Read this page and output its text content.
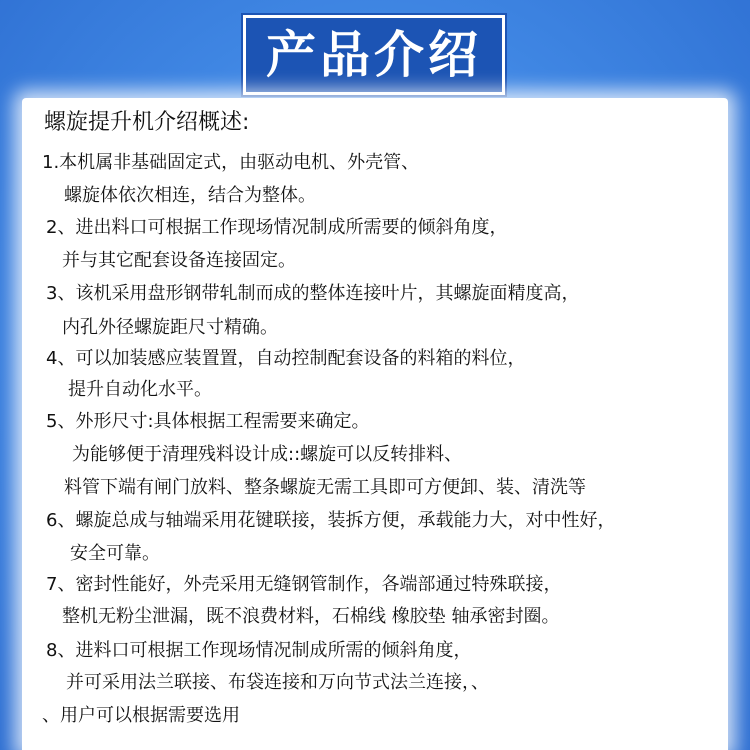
产品介绍
螺旋提升机介绍概述:
1.本机属非基础固定式，由驱动电机、外壳管、
螺旋体依次相连，结合为整体。
2、进出料口可根据工作现场情况制成所需要的倾斜角度，
并与其它配套设备连接固定。
3、该机采用盘形钢带轧制而成的整体连接叶片，其螺旋面精度高，
内孔外径螺旋距尺寸精确。
4、可以加装感应装置置，自动控制配套设备的料箱的料位，
提升自动化水平。
5、外形尺寸:具体根据工程需要来确定。
为能够便于清理残料设计成::螺旋可以反转排料、
料管下端有闸门放料、整条螺旋无需工具即可方便卸、装、清洗等
6、螺旋总成与轴端采用花键联接，装拆方便，承载能力大，对中性好，
安全可靠。
7、密封性能好，外壳采用无缝钢管制作，各端部通过特殊联接，
整机无粉尘泄漏，既不浪费材料，石棉线 橡胶垫 轴承密封圈。
8、进料口可根据工作现场情况制成所需的倾斜角度，
并可采用法兰联接、布袋连接和万向节式法兰连接，、
、用户可以根据需要选用
